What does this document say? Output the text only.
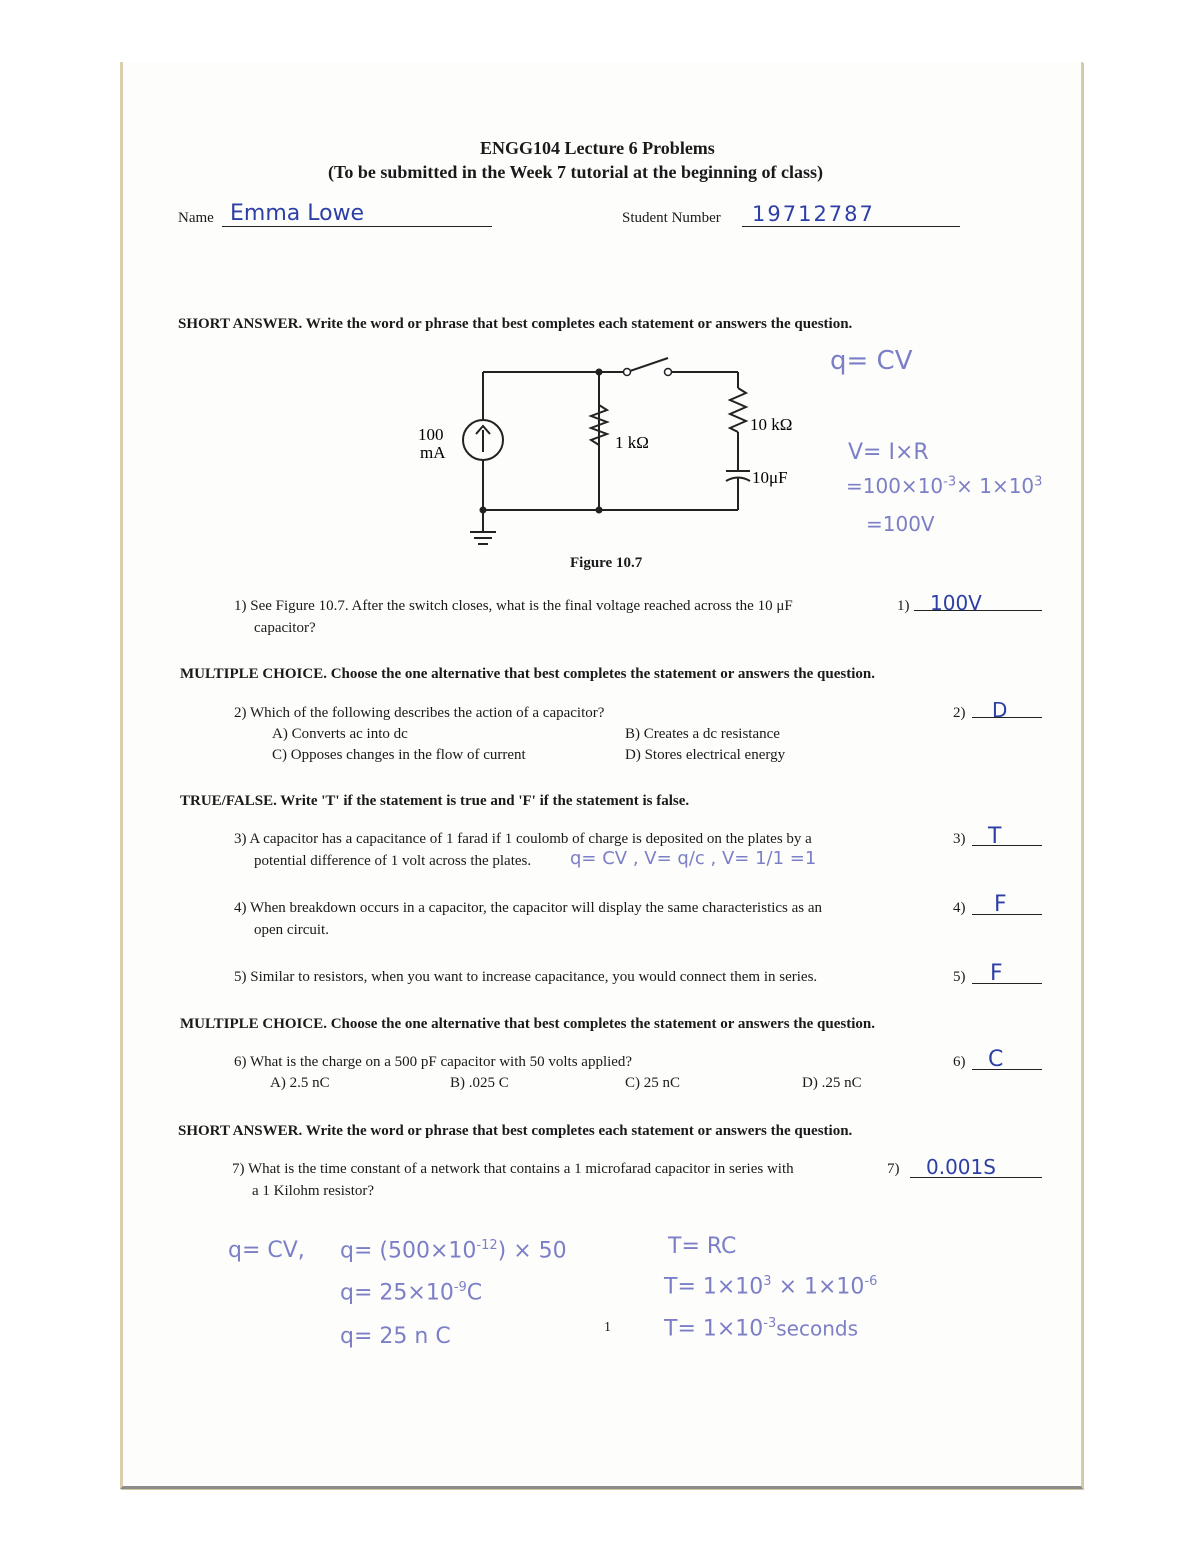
ENGG104 Lecture 6 Problems
(To be submitted in the Week 7 tutorial at the beginning of class)
Name Emma Lowe	Student Number 19712787
SHORT ANSWER. Write the word or phrase that best completes each statement or answers the question.
q= CV
100
mA
1 kΩ
10 kΩ
10μF
Figure 10.7
V= I×R
$=100\times 10^{-3}\times 1\times 10^3$
=100V
1) See Figure 10.7. After the switch closes, what is the final voltage reached across the 10 μF
capacitor?
1) 100V
MULTIPLE CHOICE. Choose the one alternative that best completes the statement or answers the question.
2) Which of the following describes the action of a capacitor?
A) Converts ac into dc	B) Creates a dc resistance
C) Opposes changes in the flow of current	D) Stores electrical energy
2) D
TRUE/FALSE. Write 'T' if the statement is true and 'F' if the statement is false.
3) A capacitor has a capacitance of 1 farad if 1 coulomb of charge is deposited on the plates by a
potential difference of 1 volt across the plates. q= CV , V= q/c , V= 1/1 =1
3) T
4) When breakdown occurs in a capacitor, the capacitor will display the same characteristics as an
open circuit.
4) F
5) Similar to resistors, when you want to increase capacitance, you would connect them in series.	5) F
MULTIPLE CHOICE. Choose the one alternative that best completes the statement or answers the question.
6) What is the charge on a 500 pF capacitor with 50 volts applied?
A) 2.5 nC	B) .025 C	C) 25 nC	D) .25 nC
6) C
SHORT ANSWER. Write the word or phrase that best completes each statement or answers the question.
7) What is the time constant of a network that contains a 1 microfarad capacitor in series with
a 1 Kilohm resistor?
7) 0.001S
q= CV, $q= (500\times 10^{-12}) \times 50$
$q= 25\times 10^{-9}C$
q= 25 n C
T= RC
$T= 1\times 10^3 \times 1\times 10^{-6}$
$T= 1\times 10^{-3}seconds$
1
